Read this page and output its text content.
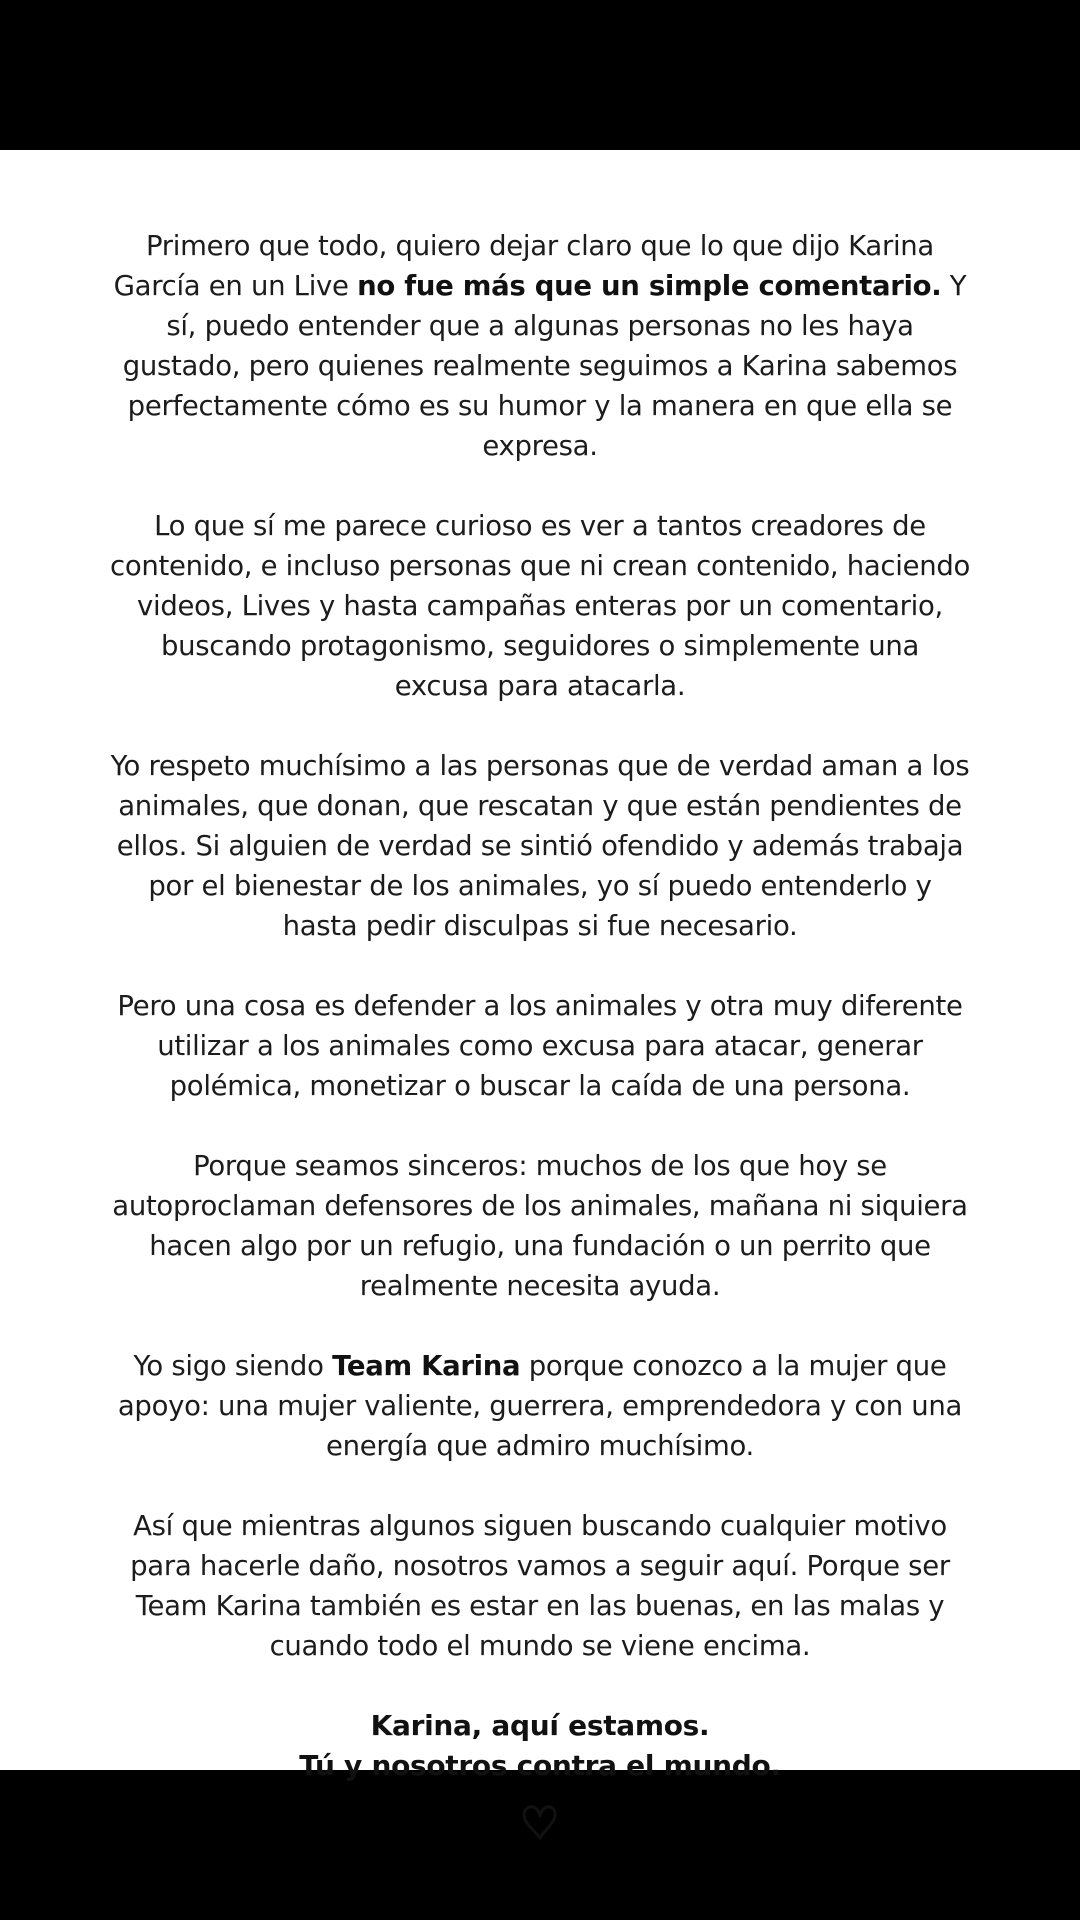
Primero que todo, quiero dejar claro que lo que dijo Karina García en un Live no fue más que un simple comentario. Y sí, puedo entender que a algunas personas no les haya gustado, pero quienes realmente seguimos a Karina sabemos perfectamente cómo es su humor y la manera en que ella se expresa.

Lo que sí me parece curioso es ver a tantos creadores de contenido, e incluso personas que ni crean contenido, haciendo videos, Lives y hasta campañas enteras por un comentario, buscando protagonismo, seguidores o simplemente una excusa para atacarla.

Yo respeto muchísimo a las personas que de verdad aman a los animales, que donan, que rescatan y que están pendientes de ellos. Si alguien de verdad se sintió ofendido y además trabaja por el bienestar de los animales, yo sí puedo entenderlo y hasta pedir disculpas si fue necesario.

Pero una cosa es defender a los animales y otra muy diferente utilizar a los animales como excusa para atacar, generar polémica, monetizar o buscar la caída de una persona.

Porque seamos sinceros: muchos de los que hoy se autoproclaman defensores de los animales, mañana ni siquiera hacen algo por un refugio, una fundación o un perrito que realmente necesita ayuda.

Yo sigo siendo Team Karina porque conozco a la mujer que apoyo: una mujer valiente, guerrera, emprendedora y con una energía que admiro muchísimo.

Así que mientras algunos siguen buscando cualquier motivo para hacerle daño, nosotros vamos a seguir aquí. Porque ser Team Karina también es estar en las buenas, en las malas y cuando todo el mundo se viene encima.

Karina, aquí estamos.
Tú y nosotros contra el mundo.
